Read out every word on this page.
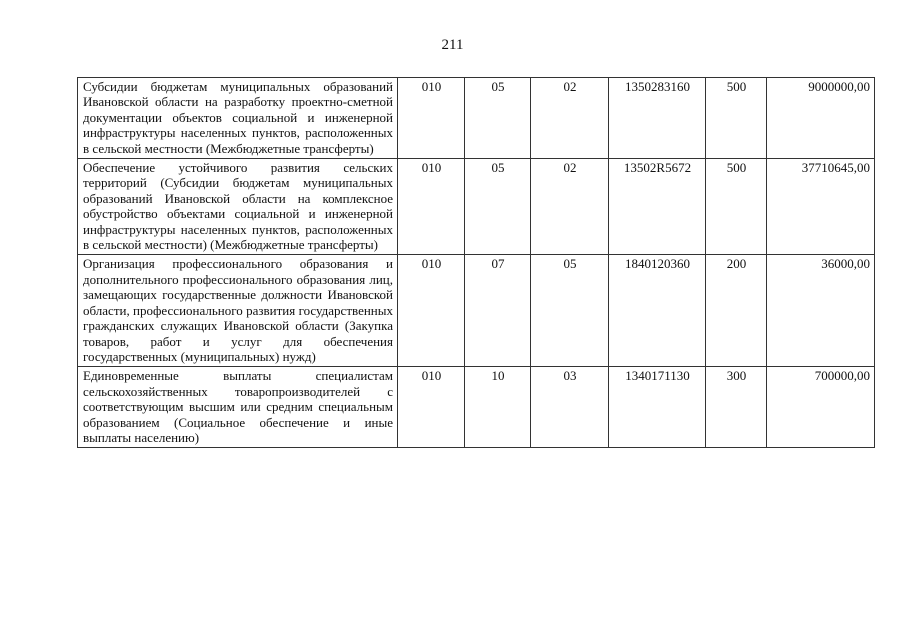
211
Субсидии бюджетам муниципальных образований Ивановской области на разработку проектно-сметной документации объектов социальной и инженерной инфраструктуры населенных пунктов, расположенных в сельской местности (Межбюджетные трансферты)	010	05	02	1350283160	500	9000000,00
Обеспечение устойчивого развития сельских территорий (Субсидии бюджетам муниципальных образований Ивановской области на комплексное обустройство объектами социальной и инженерной инфраструктуры населенных пунктов, расположенных в сельской местности) (Межбюджетные трансферты)	010	05	02	13502R5672	500	37710645,00
Организация профессионального образования и дополнительного профессионального образования лиц, замещающих государственные должности Ивановской области, профессионального развития государственных гражданских служащих Ивановской области (Закупка товаров, работ и услуг для обеспечения государственных (муниципальных) нужд)	010	07	05	1840120360	200	36000,00
Единовременные выплаты специалистам сельскохозяйственных товаропроизводителей с соответствующим высшим или средним специальным образованием (Социальное обеспечение и иные выплаты населению)	010	10	03	1340171130	300	700000,00
